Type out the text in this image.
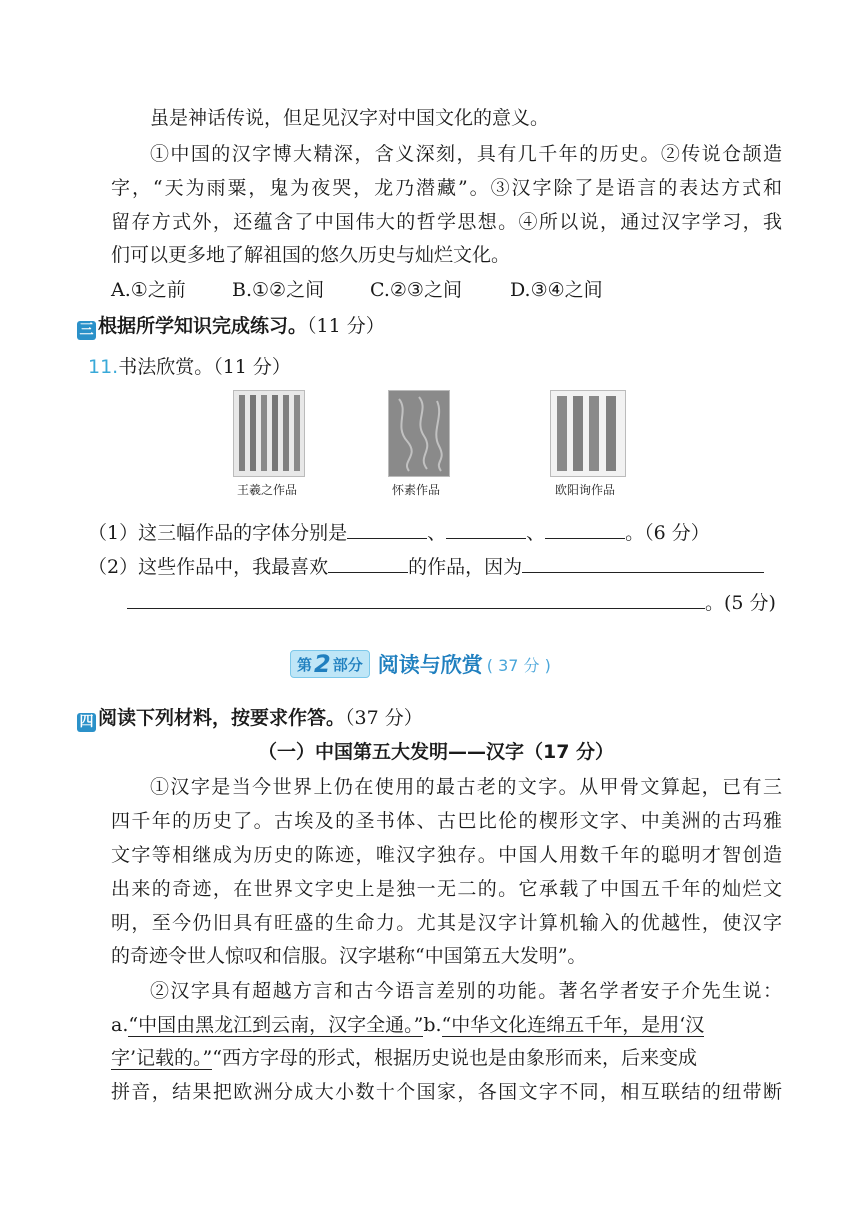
虽是神话传说，但足见汉字对中国文化的意义。
①中国的汉字博大精深，含义深刻，具有几千年的历史。②传说仓颉造
字，“天为雨粟，鬼为夜哭，龙乃潜藏”。③汉字除了是语言的表达方式和
留存方式外，还蕴含了中国伟大的哲学思想。④所以说，通过汉字学习，我
们可以更多地了解祖国的悠久历史与灿烂文化。
A.①之前 B.①②之间 C.②③之间	D.③④之间
三 根据所学知识完成练习。（11 分）
11.书法欣赏。（11 分）
王羲之作品	怀素作品	欧阳询作品
（1）这三幅作品的字体分别是	、	、	。（6 分）
（2）这些作品中，我最喜欢	的作品，因为
。(5 分)
第 2 部分 阅读与欣赏 ( 37 分 )
四 阅读下列材料，按要求作答。（37 分）
（一）中国第五大发明——汉字（17 分）
①汉字是当今世界上仍在使用的最古老的文字。从甲骨文算起，已有三
四千年的历史了。古埃及的圣书体、古巴比伦的楔形文字、中美洲的古玛雅
文字等相继成为历史的陈迹，唯汉字独存。中国人用数千年的聪明才智创造
出来的奇迹，在世界文字史上是独一无二的。它承载了中国五千年的灿烂文
明，至今仍旧具有旺盛的生命力。尤其是汉字计算机输入的优越性，使汉字
的奇迹令世人惊叹和信服。汉字堪称“中国第五大发明”。
②汉字具有超越方言和古今语言差别的功能。著名学者安子介先生说：
a.“中国由黑龙江到云南，汉字全通。”b.“中华文化连绵五千年，是用‘汉
字’记载的。”“西方字母的形式，根据历史说也是由象形而来，后来变成
拼音，结果把欧洲分成大小数十个国家，各国文字不同，相互联结的纽带断
